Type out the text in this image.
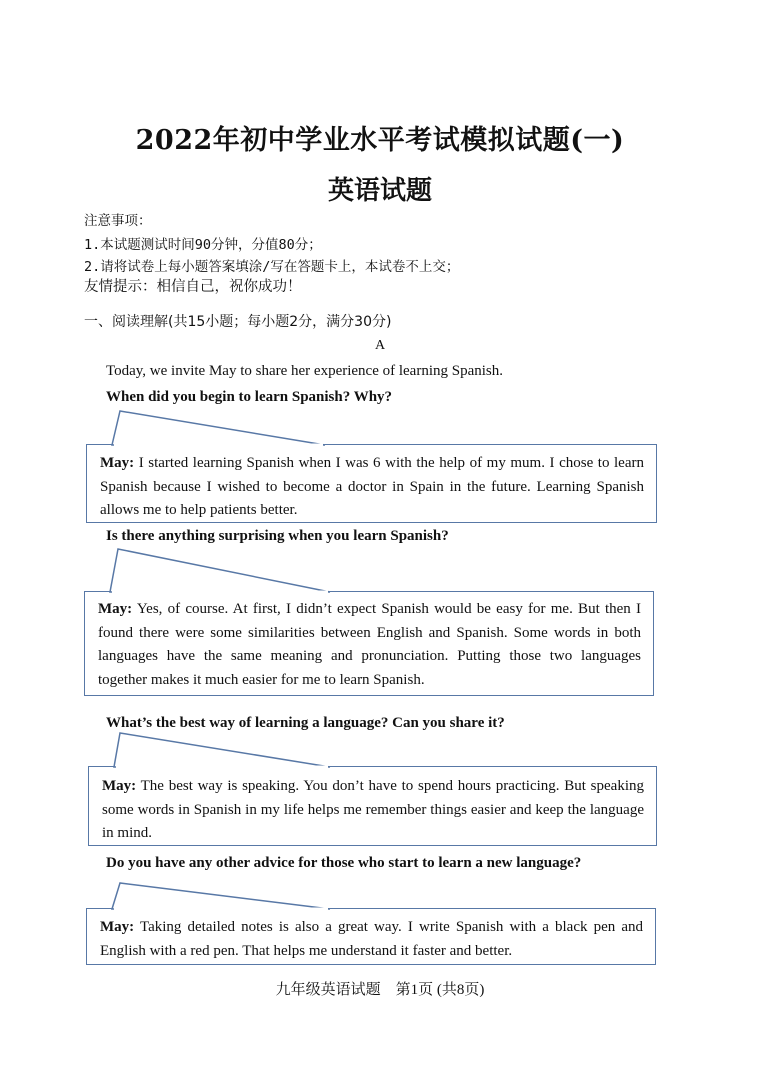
2022年初中学业水平考试模拟试题(一)
英语试题
注意事项：
1.本试题测试时间90分钟，分值80分；
2.请将试卷上每小题答案填涂/写在答题卡上，本试卷不上交；
友情提示：相信自己，祝你成功！
一、阅读理解(共15小题；每小题2分，满分30分)
A
Today, we invite May to share her experience of learning Spanish.
When did you begin to learn Spanish? Why?
May: I started learning Spanish when I was 6 with the help of my mum. I chose to learn Spanish because I wished to become a doctor in Spain in the future. Learning Spanish allows me to help patients better.
Is there anything surprising when you learn Spanish?
May: Yes, of course. At first, I didn’t expect Spanish would be easy for me. But then I found there were some similarities between English and Spanish. Some words in both languages have the same meaning and pronunciation. Putting those two languages together makes it much easier for me to learn Spanish.
What’s the best way of learning a language? Can you share it?
May: The best way is speaking. You don’t have to spend hours practicing. But speaking some words in Spanish in my life helps me remember things easier and keep the language in mind.
Do you have any other advice for those who start to learn a new language?
May: Taking detailed notes is also a great way. I write Spanish with a black pen and English with a red pen. That helps me understand it faster and better.
九年级英语试题　第1页 (共8页)
